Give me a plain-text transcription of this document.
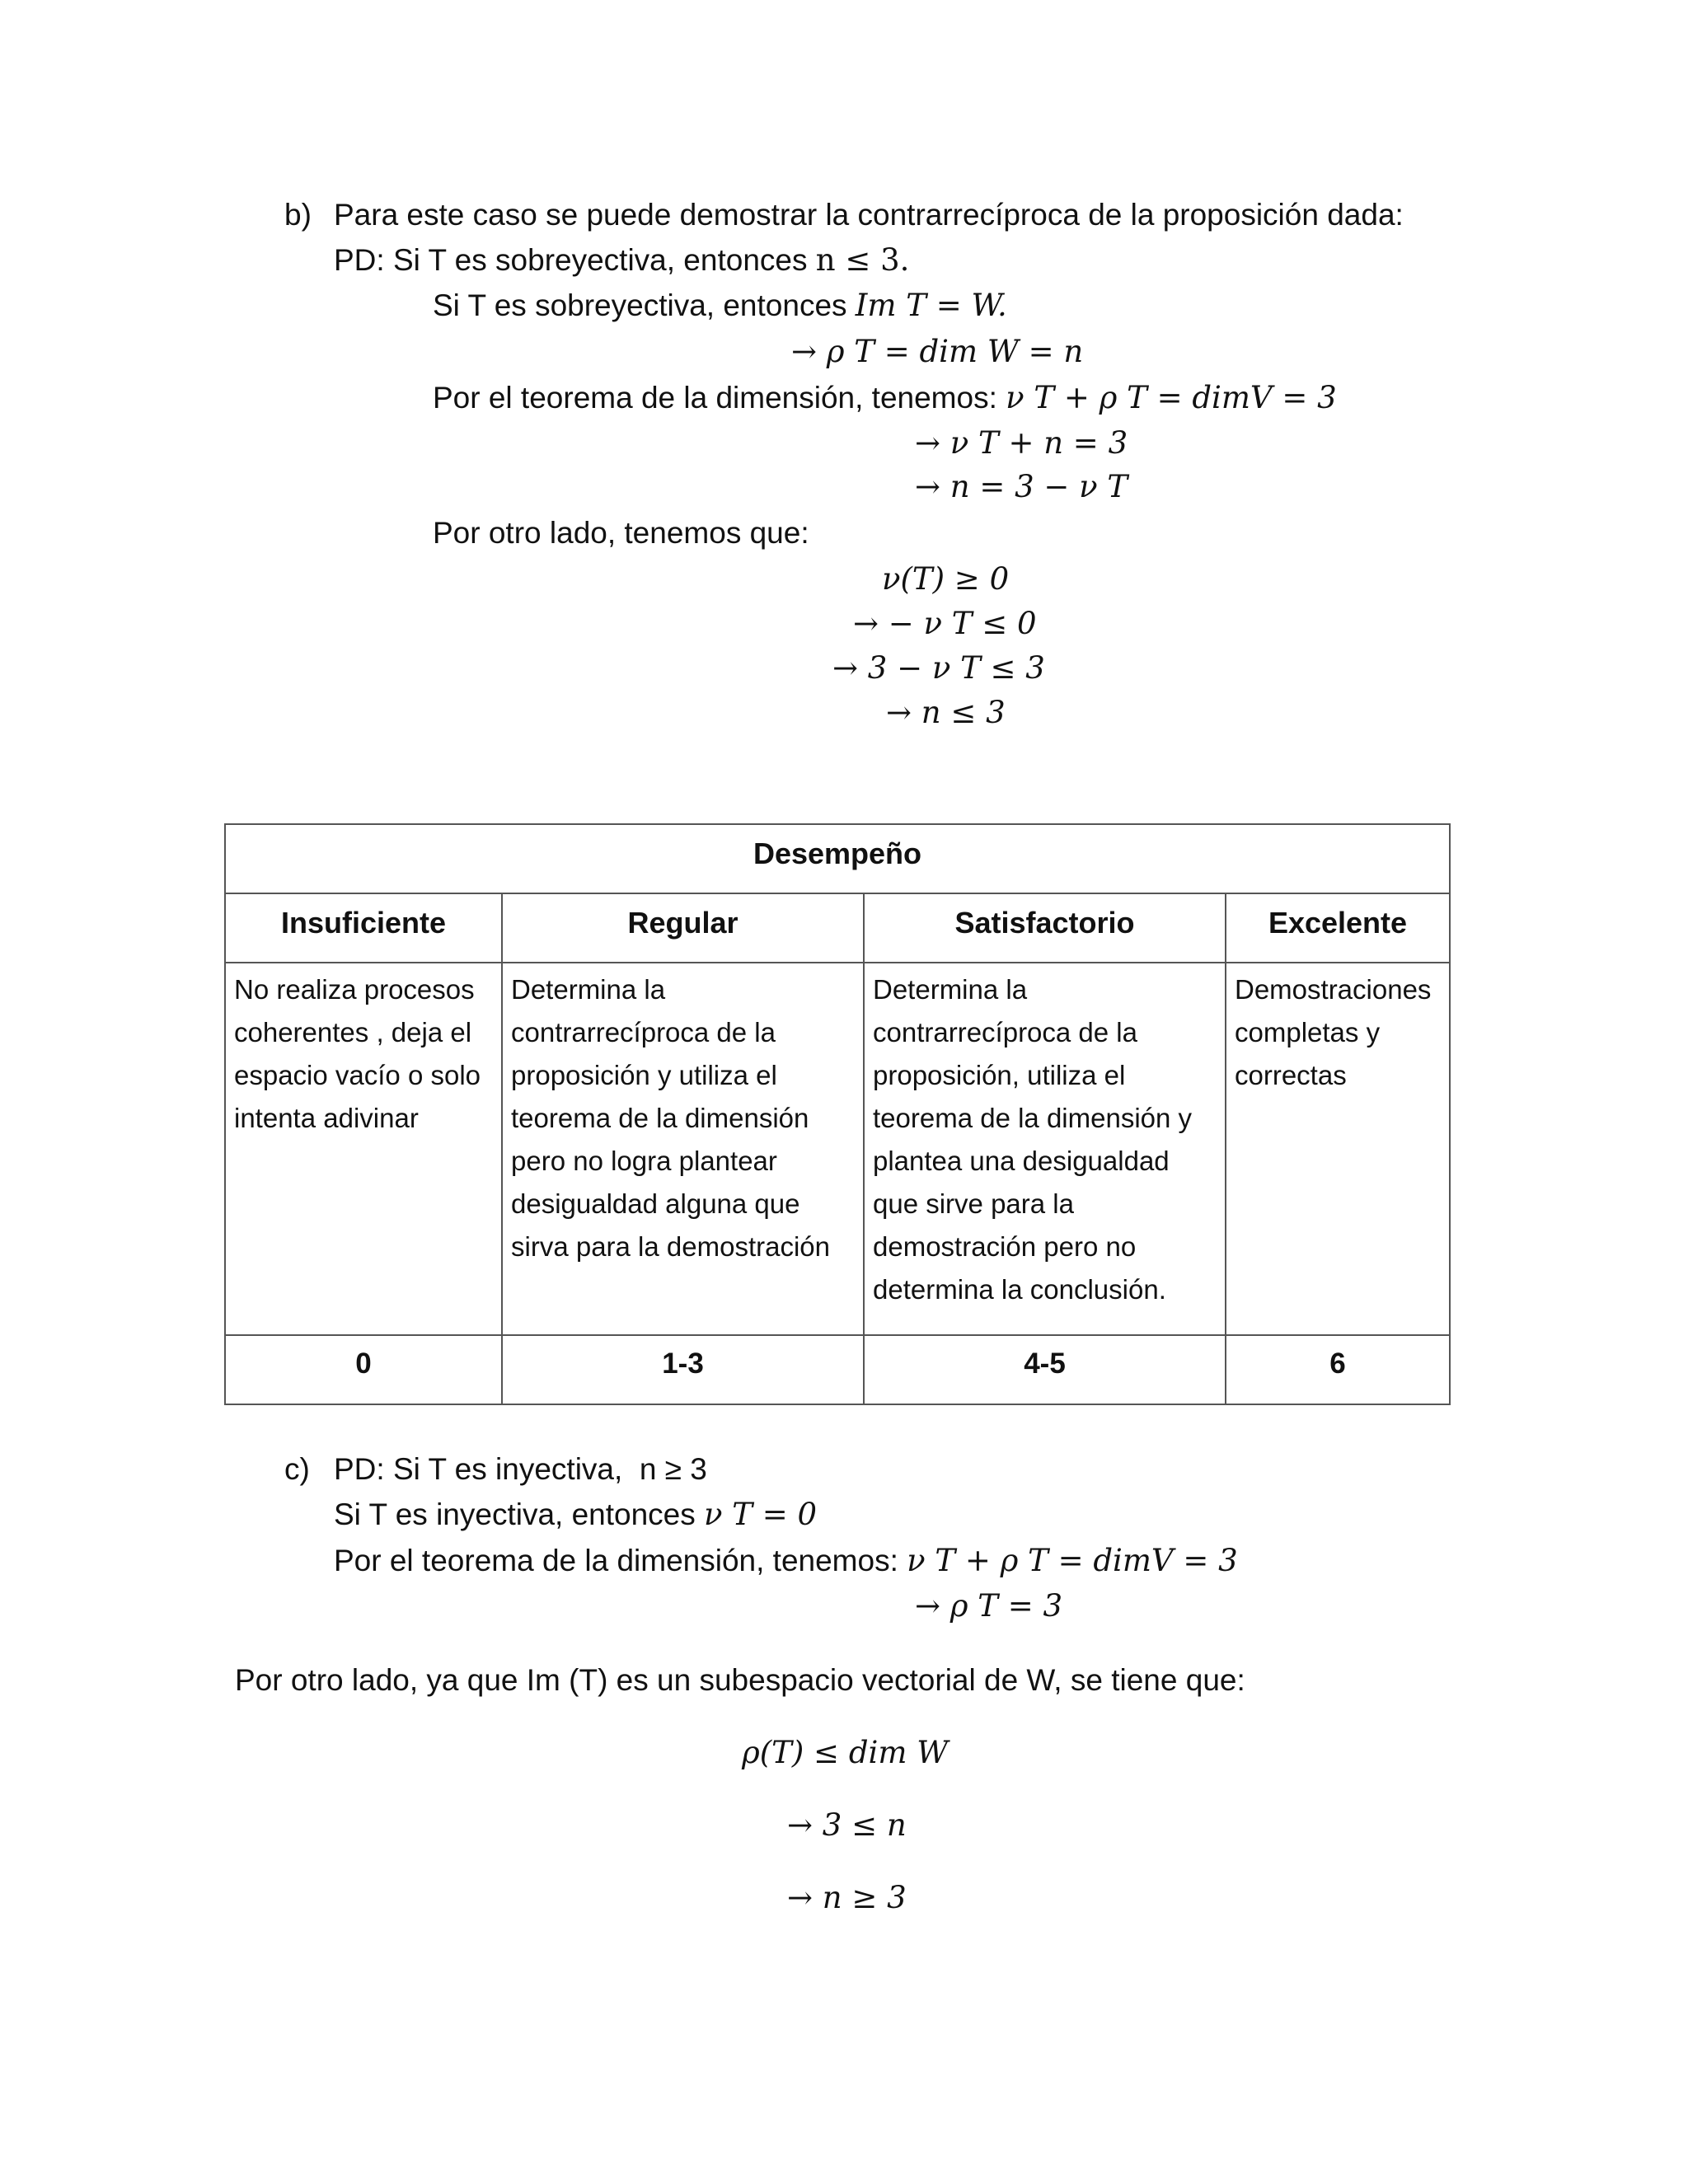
b) Para este caso se puede demostrar la contrarrecíproca de la proposición dada:
PD: Si T es sobreyectiva, entonces n ≤ 3.
Si T es sobreyectiva, entonces Im T = W.
→ ρ T = dim W = n
Por el teorema de la dimensión, tenemos: ν T + ρ T = dimV = 3
→ ν T + n = 3
→ n = 3 − ν T
Por otro lado, tenemos que:
ν(T) ≥ 0
→ − ν T ≤ 0
→ 3 − ν T ≤ 3
→ n ≤ 3
Desempeño			

Insuficiente	Regular	Satisfactorio	Excelente

No realiza procesos coherentes , deja el espacio vacío o solo intenta adivinar	Determina la contrarrecíproca de la proposición y utiliza el teorema de la dimensión pero no logra plantear desigualdad alguna que sirva para la demostración	Determina la contrarrecíproca de la proposición, utiliza el teorema de la dimensión y plantea una desigualdad que sirve para la demostración pero no determina la conclusión.	Demostraciones completas y correctas

0	1-3	4-5	6
c) PD: Si T es inyectiva,  n ≥ 3
Si T es inyectiva, entonces ν T = 0
Por el teorema de la dimensión, tenemos: ν T + ρ T = dimV = 3
→ ρ T = 3
Por otro lado, ya que Im (T) es un subespacio vectorial de W, se tiene que:
ρ(T) ≤ dim W
→ 3 ≤ n
→ n ≥ 3
